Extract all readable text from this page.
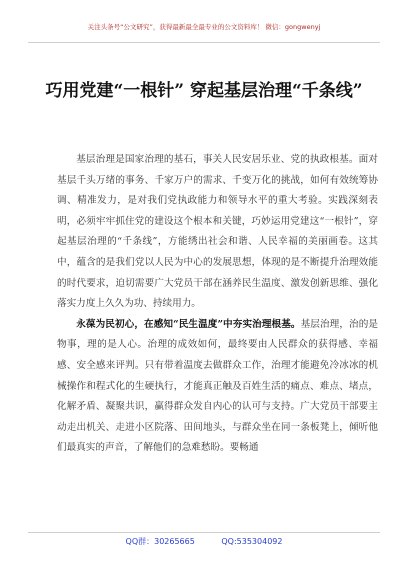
关注头条号“公文研究”，获得最新最全最专业的公文资料库！ 微信：gongwenyj
巧用党建“一根针” 穿起基层治理“千条线”

基层治理是国家治理的基石，事关人民安居乐业、党的执政根基。面对基层千头万绪的事务、千家万户的需求、千变万化的挑战，如何有效统筹协调、精准发力，是对我们党执政能力和领导水平的重大考验。实践深刻表明，必须牢牢抓住党的建设这个根本和关键，巧妙运用党建这“一根针”，穿起基层治理的“千条线”，方能绣出社会和谐、人民幸福的美丽画卷。这其中，蕴含的是我们党以人民为中心的发展思想，体现的是不断提升治理效能的时代要求，迫切需要广大党员干部在涵养民生温度、激发创新思维、强化落实力度上久久为功、持续用力。

永葆为民初心，在感知“民生温度”中夯实治理根基。基层治理，治的是物事，理的是人心。治理的成效如何，最终要由人民群众的获得感、幸福感、安全感来评判。只有带着温度去做群众工作，治理才能避免冷冰冰的机械操作和程式化的生硬执行，才能真正触及百姓生活的痛点、难点、堵点，化解矛盾、凝聚共识，赢得群众发自内心的认可与支持。广大党员干部要主动走出机关、走进小区院落、田间地头，与群众坐在同一条板凳上，倾听他们最真实的声音，了解他们的急难愁盼。要畅通

QQ群：30265665	QQ:535304092
